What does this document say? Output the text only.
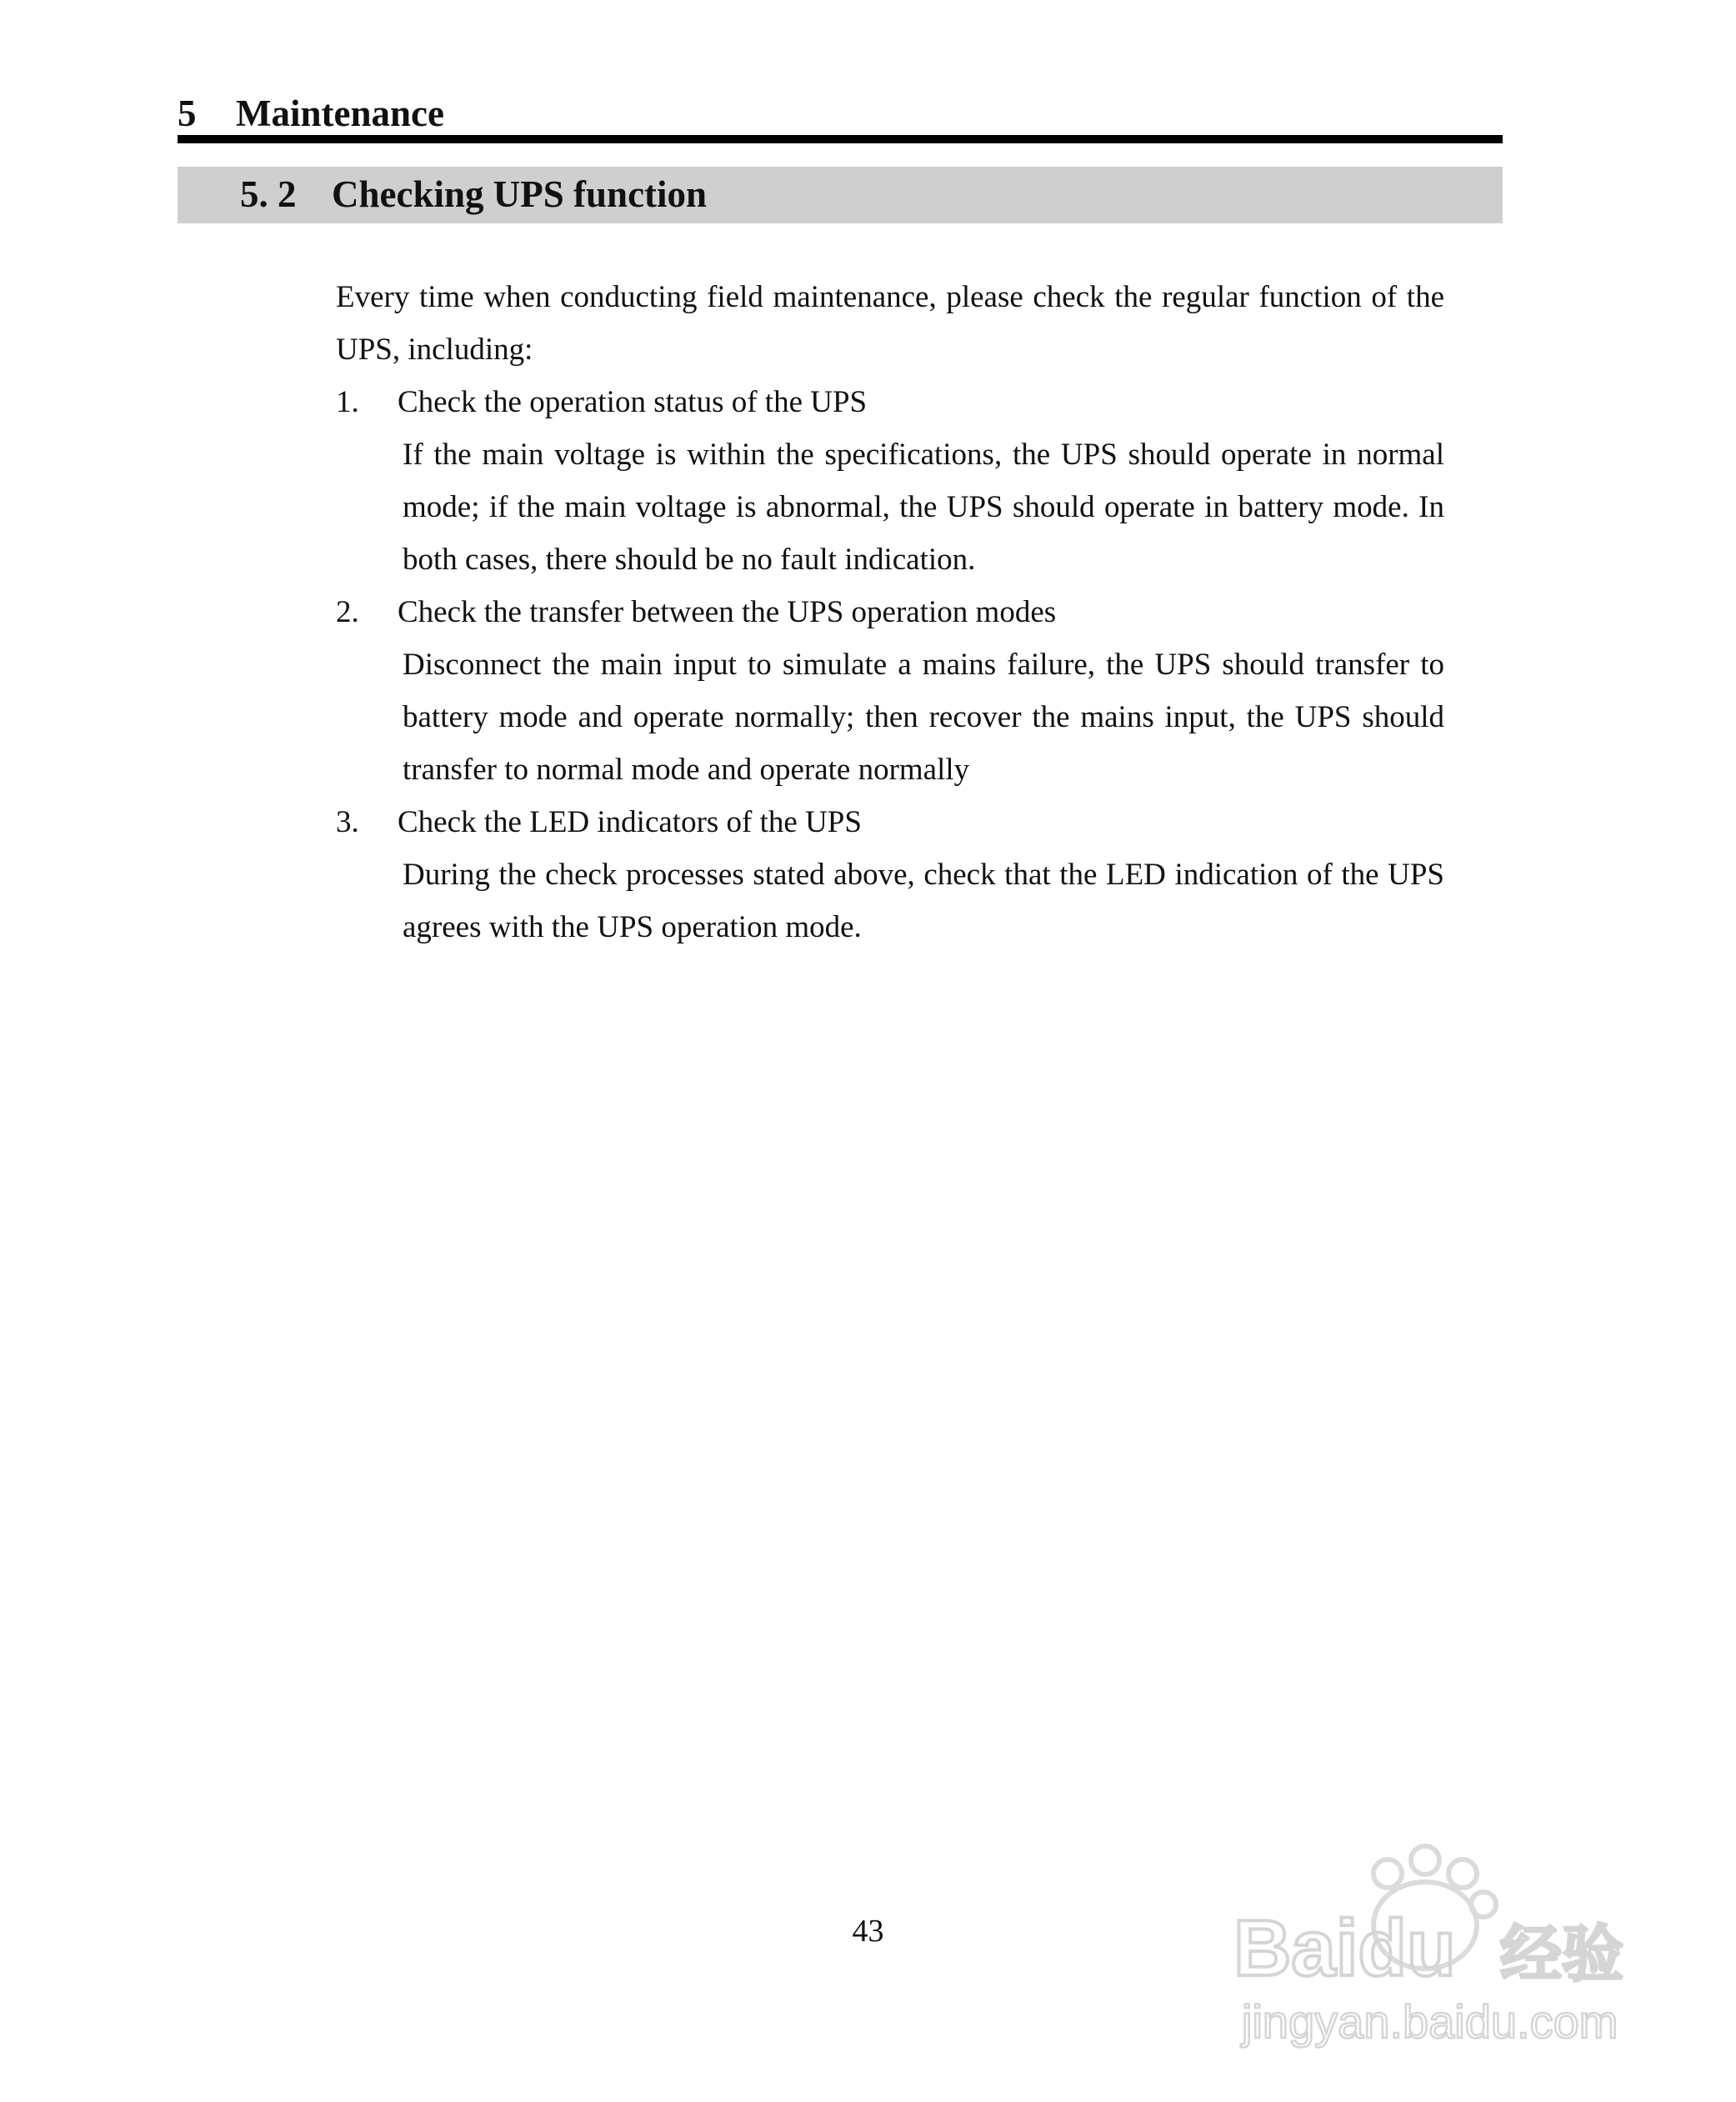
5 Maintenance
5. 2 Checking UPS function
Every time when conducting field maintenance, please check the regular function of the UPS, including:
1.	Check the operation status of the UPS
If the main voltage is within the specifications, the UPS should operate in normal mode; if the main voltage is abnormal, the UPS should operate in battery mode. In both cases, there should be no fault indication.
2.	Check the transfer between the UPS operation modes
Disconnect the main input to simulate a mains failure, the UPS should transfer to battery mode and operate normally; then recover the mains input, the UPS should transfer to normal mode and operate normally
3.	Check the LED indicators of the UPS
During the check processes stated above, check that the LED indication of the UPS agrees with the UPS operation mode.
43	Baidu 经验
jingyan.baidu.com
